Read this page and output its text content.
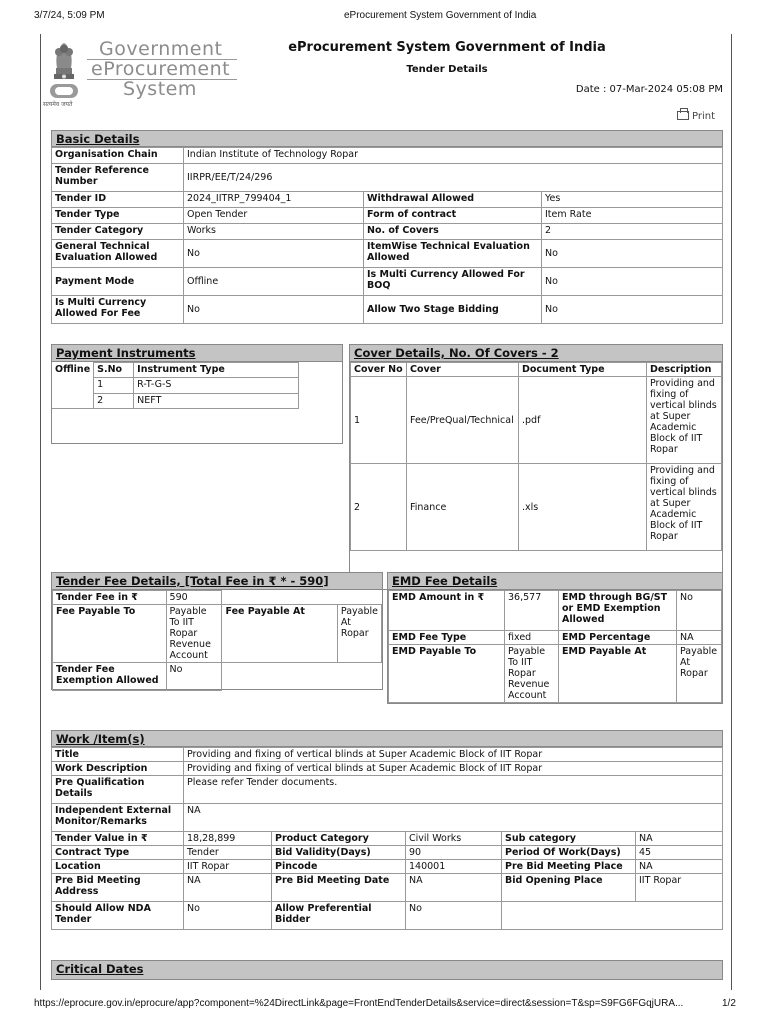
3/7/24, 5:09 PM	eProcurement System Government of India
Government
eProcurement
System
सत्यमेव जयते
eProcurement System Government of India
Tender Details
Date : 07-Mar-2024 05:08 PM
Print
Basic Details
Organisation Chain	Indian Institute of Technology Ropar		
Tender Reference Number	IIRPR/EE/T/24/296		
Tender ID	2024_IITRP_799404_1	Withdrawal Allowed	Yes
Tender Type	Open Tender	Form of contract	Item Rate
Tender Category	Works	No. of Covers	2
General Technical Evaluation Allowed	No	ItemWise Technical Evaluation Allowed	No
Payment Mode	Offline	Is Multi Currency Allowed For BOQ	No
Is Multi Currency Allowed For Fee	No	Allow Two Stage Bidding	No
Payment Instruments
Offline	S.No	Instrument Type
	1	R-T-G-S
	2	NEFT
Cover Details, No. Of Covers - 2
Cover No	Cover	Document Type	Description
1	Fee/PreQual/Technical	.pdf	Providing and fixing of vertical blinds at Super Academic Block of IIT Ropar
2	Finance	.xls	Providing and fixing of vertical blinds at Super Academic Block of IIT Ropar
Tender Fee Details, [Total Fee in ₹ * - 590]
Tender Fee in ₹	590		
Fee Payable To	Payable To IIT Ropar Revenue Account	Fee Payable At	Payable At Ropar
Tender Fee Exemption Allowed	No		
EMD Fee Details
EMD Amount in ₹	36,577	EMD through BG/ST or EMD Exemption Allowed	No
EMD Fee Type	fixed	EMD Percentage	NA
EMD Payable To	Payable To IIT Ropar Revenue Account	EMD Payable At	Payable At Ropar
Work /Item(s)
Title	Providing and fixing of vertical blinds at Super Academic Block of IIT Ropar				
Work Description	Providing and fixing of vertical blinds at Super Academic Block of IIT Ropar				
Pre Qualification Details	Please refer Tender documents.				
Independent External Monitor/Remarks	NA				
Tender Value in ₹	18,28,899	Product Category	Civil Works	Sub category	NA
Contract Type	Tender	Bid Validity(Days)	90	Period Of Work(Days)	45
Location	IIT Ropar	Pincode	140001	Pre Bid Meeting Place	NA
Pre Bid Meeting Address	NA	Pre Bid Meeting Date	NA	Bid Opening Place	IIT Ropar
Should Allow NDA Tender	No	Allow Preferential Bidder	No		
Critical Dates
https://eprocure.gov.in/eprocure/app?component=%24DirectLink&page=FrontEndTenderDetails&service=direct&session=T&sp=S9FG6FGqjURA...	1/2
